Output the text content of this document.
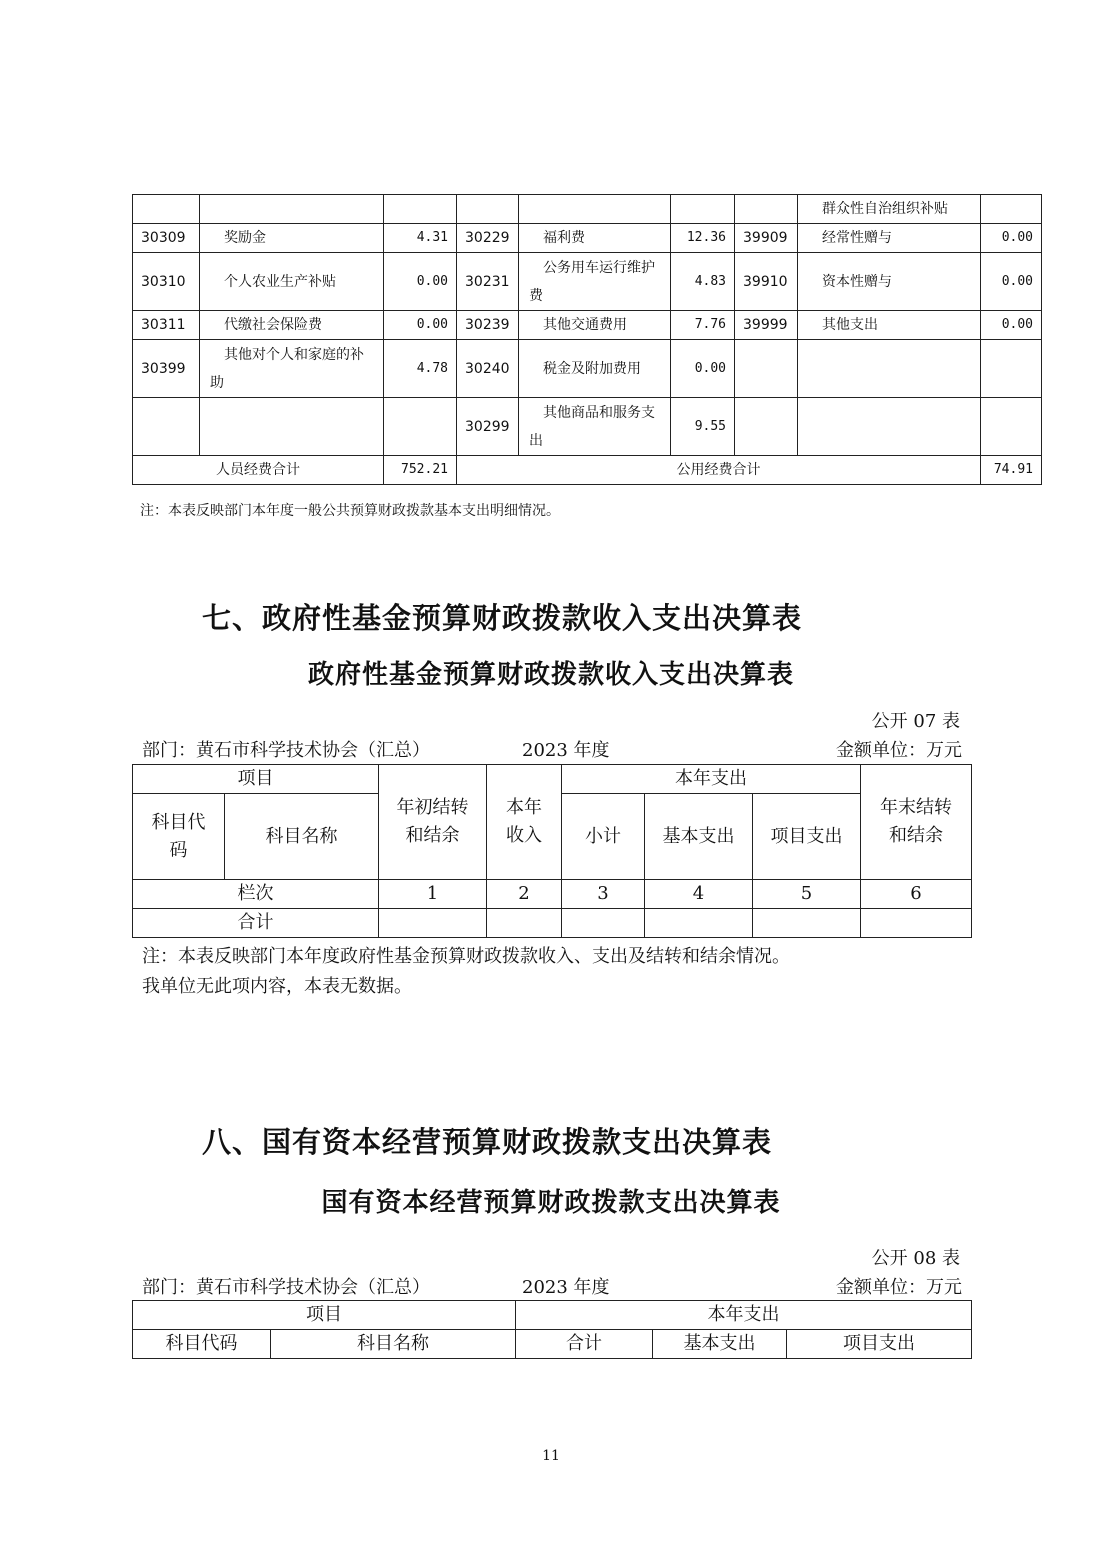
							群众性自治组织补贴	
30309	奖励金	4.31	30229	福利费	12.36	39909	经常性赠与	0.00
30310	个人农业生产补贴	0.00	30231	公务用车运行维护费	4.83	39910	资本性赠与	0.00
30311	代缴社会保险费	0.00	30239	其他交通费用	7.76	39999	其他支出	0.00
30399	其他对个人和家庭的补助	4.78	30240	税金及附加费用	0.00			
			30299	其他商品和服务支出	9.55			
人员经费合计		752.21	公用经费合计					74.91
注：本表反映部门本年度一般公共预算财政拨款基本支出明细情况。
七、政府性基金预算财政拨款收入支出决算表
政府性基金预算财政拨款收入支出决算表
公开 07 表
部门：黄石市科学技术协会（汇总）	2023 年度	金额单位：万元
项目		年初结转和结余	本年收入	本年支出			年末结转和结余

科目代码	科目名称			小计	基本支出	项目支出	
栏次		1	2	3	4	5	6
合计							
注：本表反映部门本年度政府性基金预算财政拨款收入、支出及结转和结余情况。
我单位无此项内容，本表无数据。
八、国有资本经营预算财政拨款支出决算表
国有资本经营预算财政拨款支出决算表
公开 08 表
部门：黄石市科学技术协会（汇总）	2023 年度	金额单位：万元
项目		本年支出		
科目代码	科目名称	合计	基本支出	项目支出
11
